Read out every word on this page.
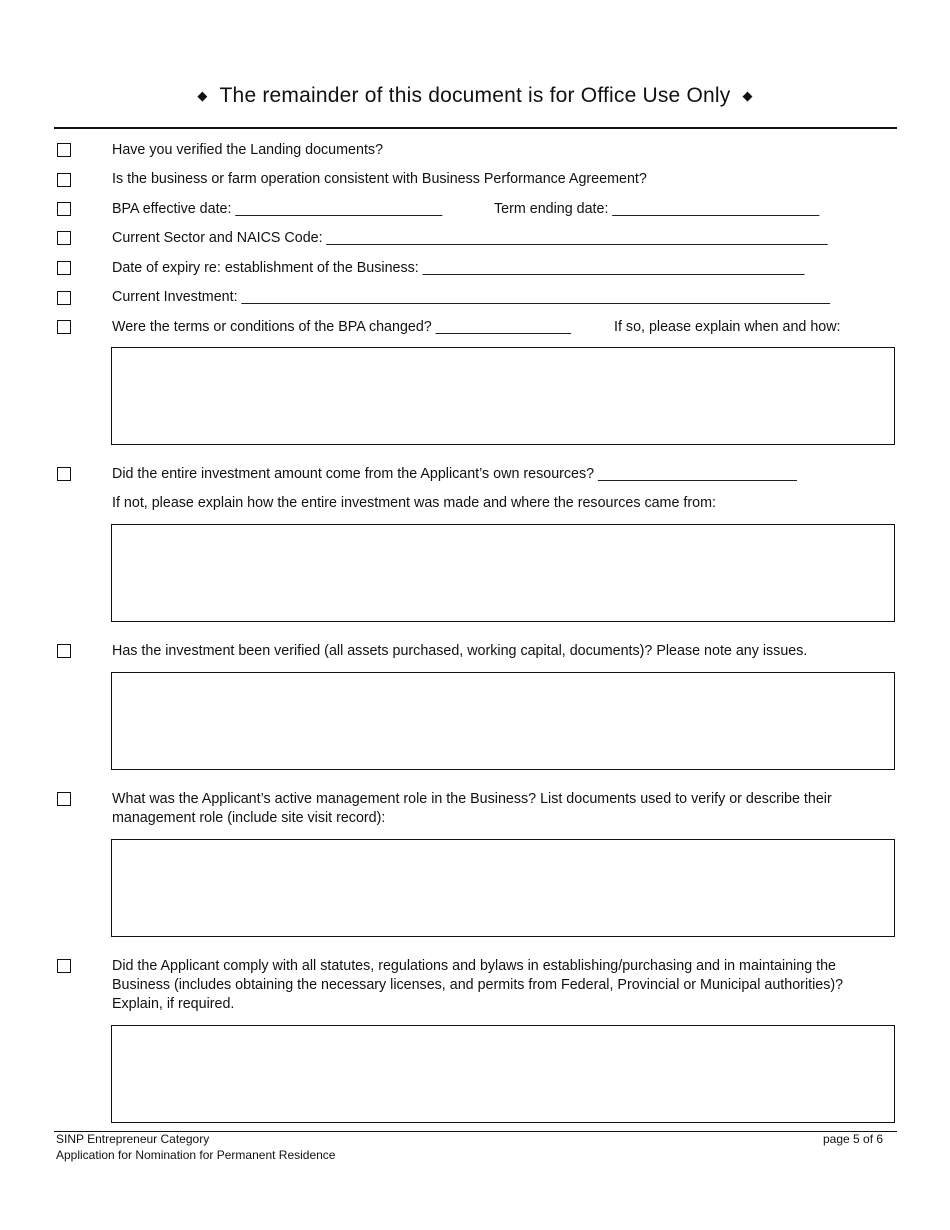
◆ The remainder of this document is for Office Use Only ◆
Have you verified the Landing documents?
Is the business or farm operation consistent with Business Performance Agreement?
BPA effective date: __________________________	Term ending date: __________________________
Current Sector and NAICS Code: _______________________________________________________________
Date of expiry re: establishment of the Business: ________________________________________________
Current Investment: __________________________________________________________________________
Were the terms or conditions of the BPA changed? _________________	If so, please explain when and how:
Did the entire investment amount come from the Applicant’s own resources? _________________________
If not, please explain how the entire investment was made and where the resources came from:
Has the investment been verified (all assets purchased, working capital, documents)? Please note any issues.
What was the Applicant’s active management role in the Business? List documents used to verify or describe their management role (include site visit record):
Did the Applicant comply with all statutes, regulations and bylaws in establishing/purchasing and in maintaining the Business (includes obtaining the necessary licenses, and permits from Federal, Provincial or Municipal authorities)? Explain, if required.
SINP Entrepreneur Category
Application for Nomination for Permanent Residence
page 5 of 6
